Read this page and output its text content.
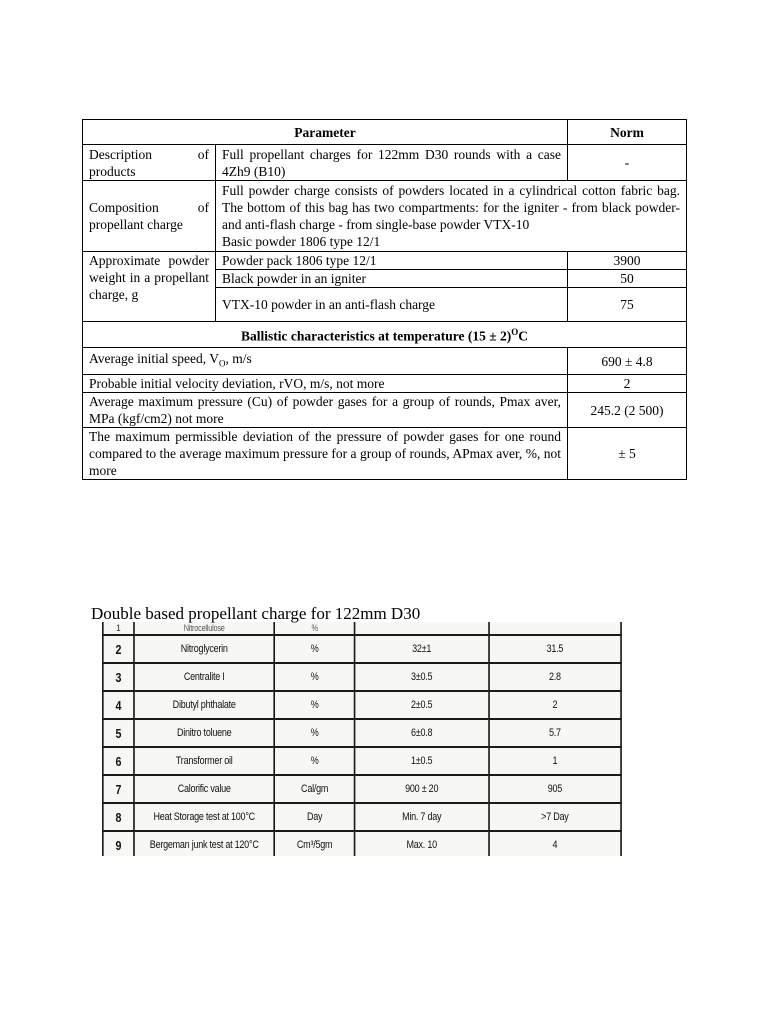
Parameter		Norm
Description of products	Full propellant charges for 122mm D30 rounds with a case 4Zh9 (B10)	-
Composition of propellant charge	Full powder charge consists of powders located in a cylindrical cotton fabric bag. The bottom of this bag has two compartments: for the igniter - from black powder- and anti-flash charge - from single-base powder VTX-10
Basic powder 1806 type 12/1	

Approximate powder weight in a propellant charge, g	Powder pack 1806 type 12/1	3900
	Black powder in an igniter	50
	VTX-10 powder in an anti-flash charge	75
Ballistic characteristics at temperature $(15 \pm 2)^OC$		
Average initial speed, $V_O$, m/s		690 ± 4.8
Probable initial velocity deviation, rVO, m/s, not more		2
Average maximum pressure (Cu) of powder gases for a group of rounds, Pmax aver, MPa (kgf/cm2) not more		245.2 (2 500)
The maximum permissible deviation of the pressure of powder gases for one round compared to the average maximum pressure for a group of rounds, APmax aver, %, not more		± 5
Double based propellant charge for 122mm D30
1	Nitrocellulose	%		
2	Nitroglycerin	%	32±1	31.5
3	Centralite I	%	3±0.5	2.8
4	Dibutyl phthalate	%	2±0.5	2
5	Dinitro toluene	%	6±0.8	5.7
6	Transformer oil	%	1±0.5	1
7	Calorific value	Cal/gm	900 ± 20	905
8	Heat Storage test at 100°C	Day	Min. 7 day	>7 Day
9	Bergeman junk test at 120°C	Cm³/5gm	Max. 10	4
